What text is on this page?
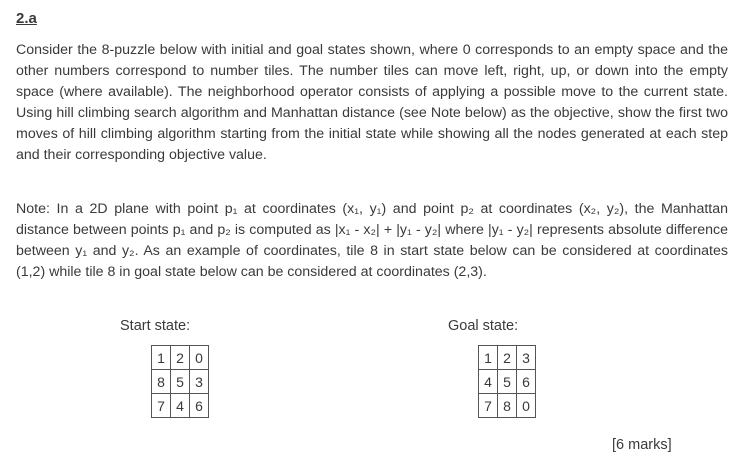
2.a

Consider the 8-puzzle below with initial and goal states shown, where 0 corresponds to an empty space and the other numbers correspond to number tiles. The number tiles can move left, right, up, or down into the empty space (where available). The neighborhood operator consists of applying a possible move to the current state. Using hill climbing search algorithm and Manhattan distance (see Note below) as the objective, show the first two moves of hill climbing algorithm starting from the initial state while showing all the nodes generated at each step and their corresponding objective value.

Note: In a 2D plane with point p₁ at coordinates (x₁, y₁) and point p₂ at coordinates (x₂, y₂), the Manhattan distance between points p₁ and p₂ is computed as |x₁ - x₂| + |y₁ - y₂| where |y₁ - y₂| represents absolute difference between y₁ and y₂. As an example of coordinates, tile 8 in start state below can be considered at coordinates (1,2) while tile 8 in goal state below can be considered at coordinates (2,3).

Start state:	Goal state:
1	2	0
8	5	3
7	4	6
1	2	3
4	5	6
7	8	0
[6 marks]
